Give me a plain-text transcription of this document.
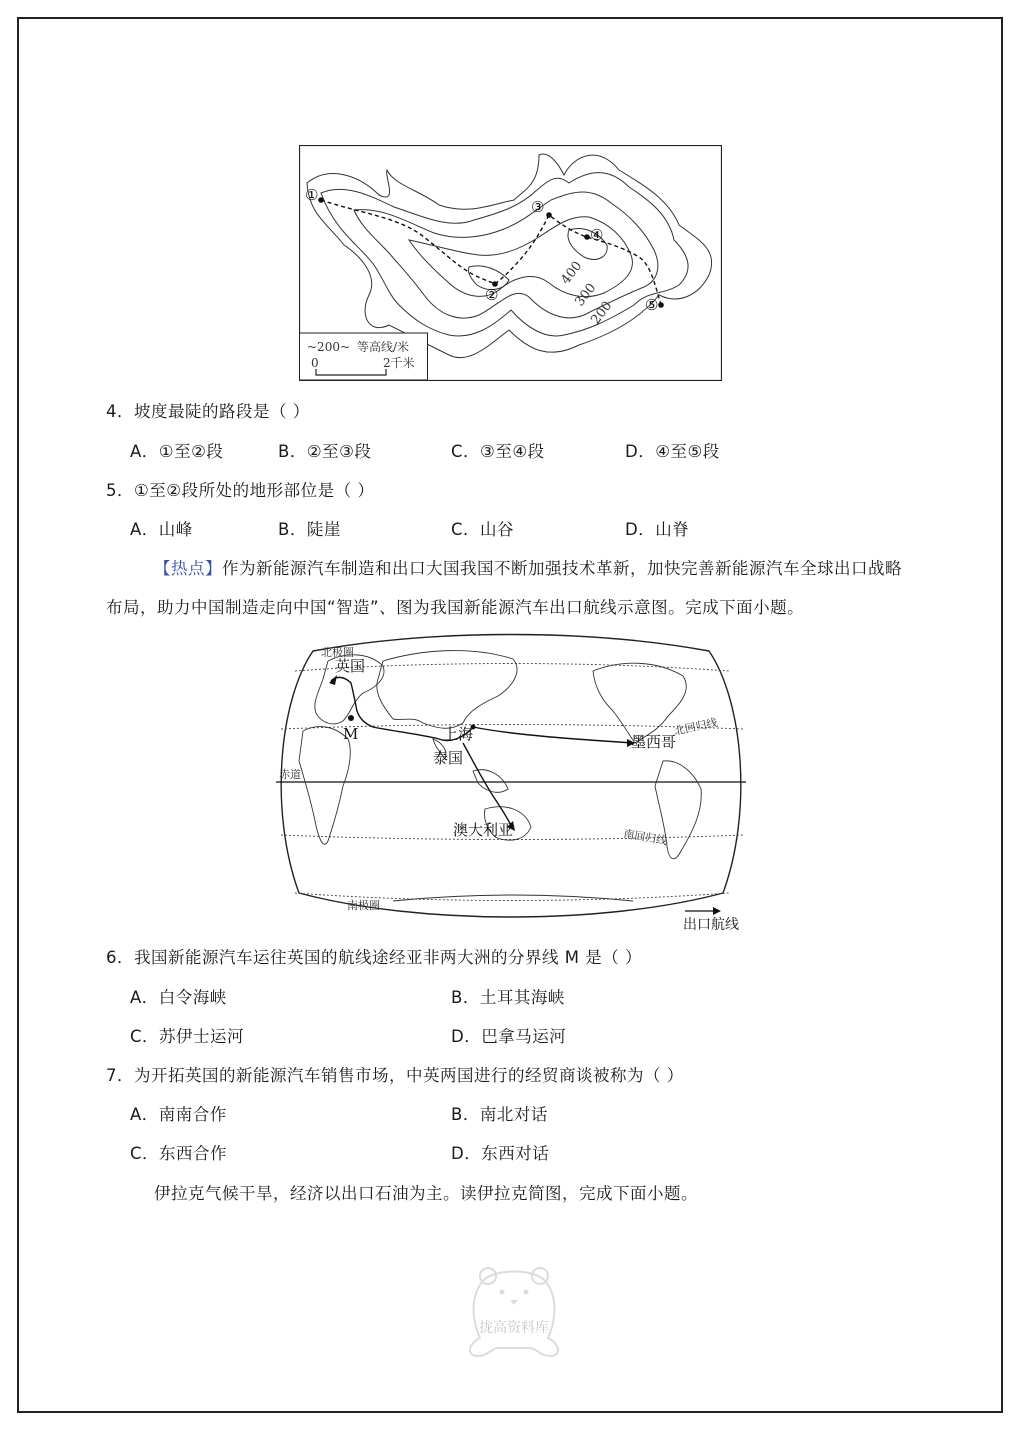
①
②
③
④
⑤
400
300
200
~200~ 等高线/米
0	2千米
4．坡度最陡的路段是（ ）
A．①至②段	B．②至③段	C．③至④段	D．④至⑤段
5．①至②段所处的地形部位是（ ）
A．山峰	B．陡崖	C．山谷	D．山脊
【热点】作为新能源汽车制造和出口大国我国不断加强技术革新，加快完善新能源汽车全球出口战略
布局，助力中国制造走向中国“智造”、图为我国新能源汽车出口航线示意图。完成下面小题。
北极圈
英国
M	上海
泰国
墨西哥
北回归线
赤道
澳大利亚	南回归线
南极圈
出口航线
6．我国新能源汽车运往英国的航线途经亚非两大洲的分界线 M 是（ ）
A．白令海峡	B．土耳其海峡
C．苏伊士运河	D．巴拿马运河
7．为开拓英国的新能源汽车销售市场，中英两国进行的经贸商谈被称为（ ）
A．南南合作	B．南北对话
C．东西合作	D．东西对话
伊拉克气候干旱，经济以出口石油为主。读伊拉克简图，完成下面小题。
拢高资料库
